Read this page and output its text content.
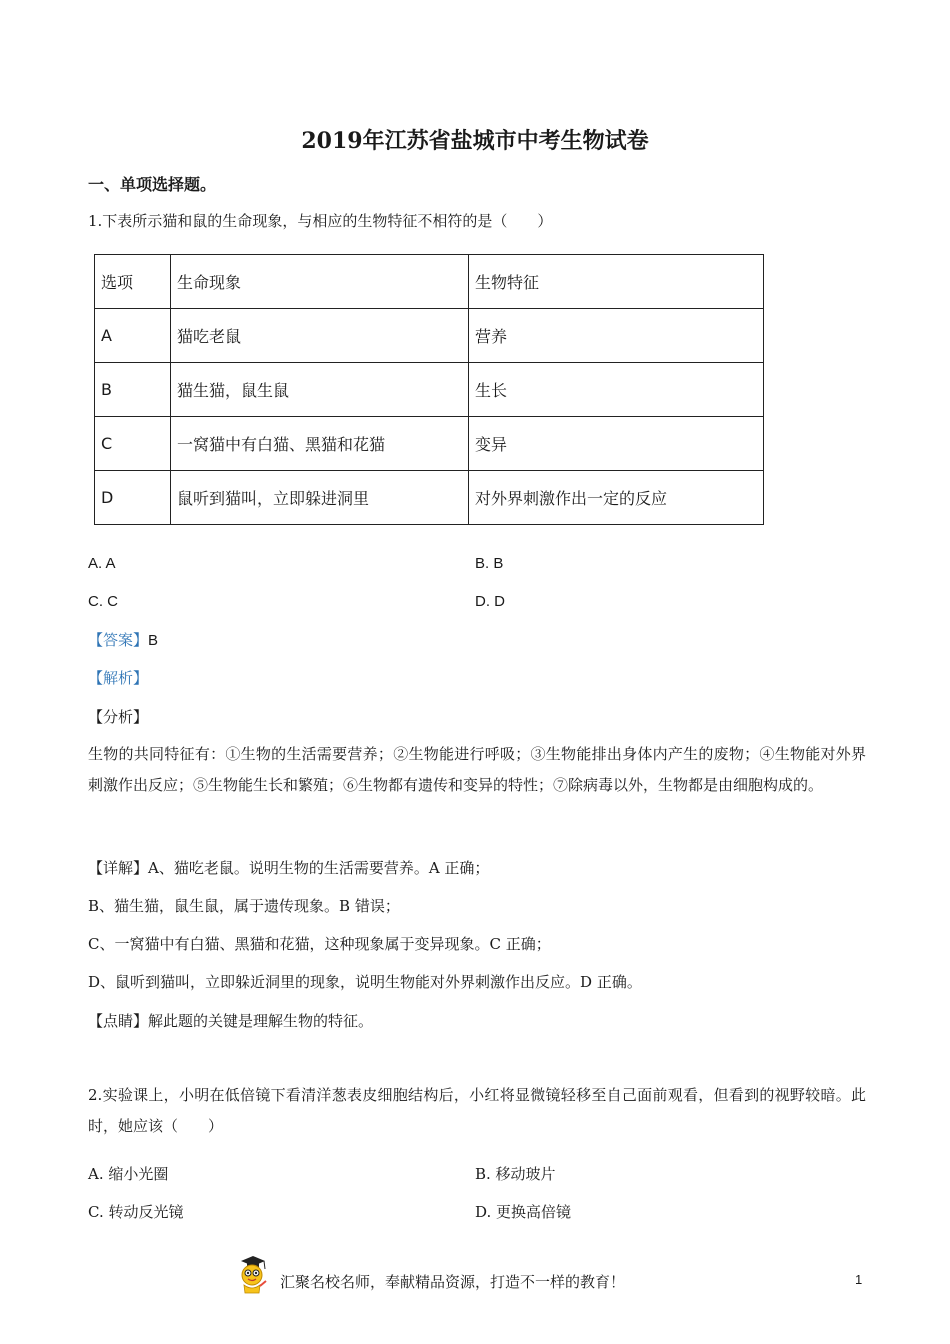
2019年江苏省盐城市中考生物试卷
一、单项选择题。
1.下表所示猫和鼠的生命现象，与相应的生物特征不相符的是（　　）
选项	生命现象	生物特征
A	猫吃老鼠	营养
B	猫生猫，鼠生鼠	生长
C	一窝猫中有白猫、黑猫和花猫	变异
D	鼠听到猫叫，立即躲进洞里	对外界刺激作出一定的反应
A. A	B. B
C. C	D. D
【答案】B
【解析】
【分析】
生物的共同特征有：①生物的生活需要营养；②生物能进行呼吸；③生物能排出身体内产生的废物；④生物能对外界刺激作出反应；⑤生物能生长和繁殖；⑥生物都有遗传和变异的特性；⑦除病毒以外，生物都是由细胞构成的。
【详解】A、猫吃老鼠。说明生物的生活需要营养。A 正确；
B、猫生猫，鼠生鼠，属于遗传现象。B 错误；
C、一窝猫中有白猫、黑猫和花猫，这种现象属于变异现象。C 正确；
D、鼠听到猫叫，立即躲近洞里的现象，说明生物能对外界刺激作出反应。D 正确。
【点睛】解此题的关键是理解生物的特征。
2.实验课上，小明在低倍镜下看清洋葱表皮细胞结构后，小红将显微镜轻移至自己面前观看，但看到的视野较暗。此时，她应该（　　）
A. 缩小光圈	B. 移动玻片
C. 转动反光镜	D. 更换高倍镜
汇聚名校名师，奉献精品资源，打造不一样的教育！	1
